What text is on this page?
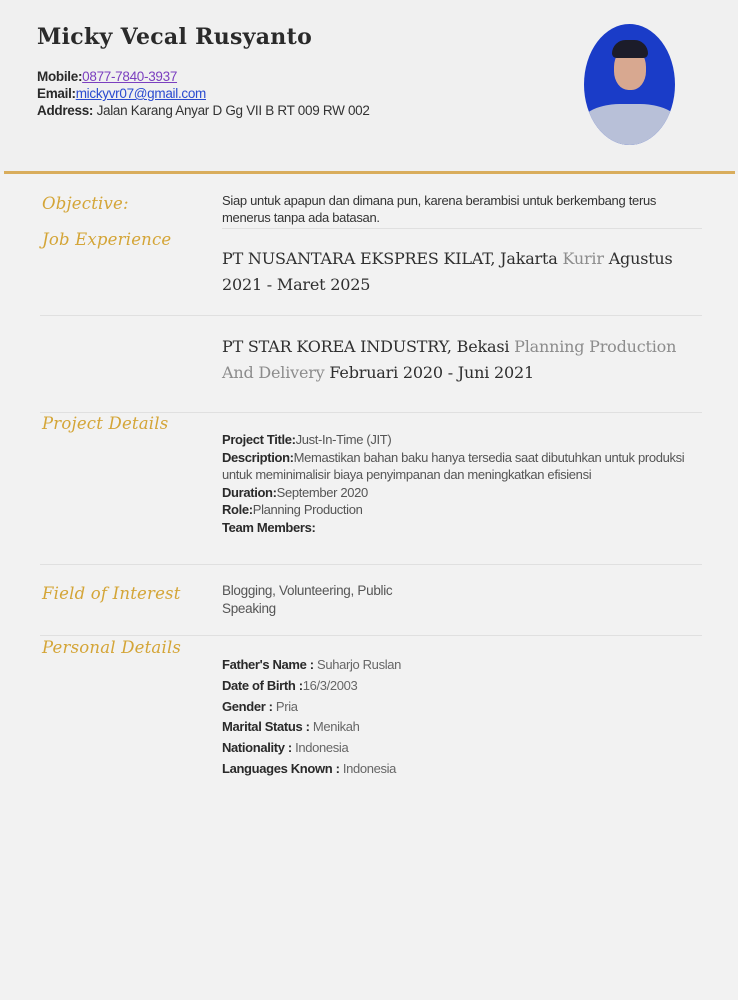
Micky Vecal Rusyanto
Mobile:0877-7840-3937
Email:mickyvr07@gmail.com
Address: Jalan Karang Anyar D Gg VII B RT 009 RW 002
Objective:	Siap untuk apapun dan dimana pun, karena berambisi untuk berkembang terus menerus tanpa ada batasan.
Job Experience
PT NUSANTARA EKSPRES KILAT, Jakarta Kurir Agustus 2021 - Maret 2025
PT STAR KOREA INDUSTRY, Bekasi Planning Production And Delivery Februari 2020 - Juni 2021
Project Details
Project Title:Just-In-Time (JIT)
Description:Memastikan bahan baku hanya tersedia saat dibutuhkan untuk produksi untuk meminimalisir biaya penyimpanan dan meningkatkan efisiensi
Duration:September 2020
Role:Planning Production
Team Members:
Field of Interest	Blogging, Volunteering, Public Speaking
Personal Details
Father's Name : Suharjo Ruslan
Date of Birth :16/3/2003
Gender : Pria
Marital Status : Menikah
Nationality : Indonesia
Languages Known : Indonesia
